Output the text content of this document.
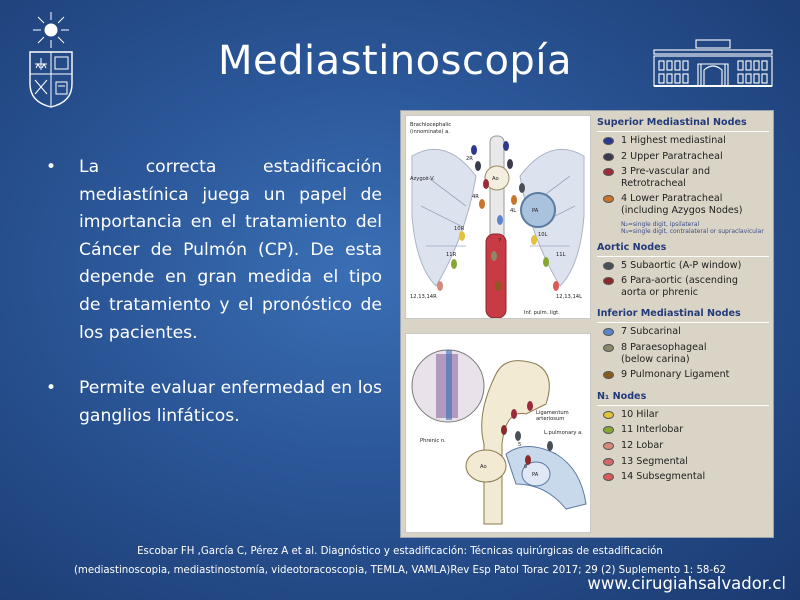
Mediastinoscopía
• La correcta estadificación mediastínica juega un papel de importancia en el tratamiento del Cáncer de Pulmón (CP). De esta depende en gran medida el tipo de tratamiento y el pronóstico de los pacientes.
• Permite evaluar enfermedad en los ganglios linfáticos.
Brachiocephalic
(innominate) a.
Azygos V.	Ao
PA
Inf. pulm. ligt.
2R
4R
4L
10R
11R
10L
11L
12,13,14R	12,13,14L
7
Ligamentum
arteriosum
L.pulmonary a.
Phrenic n.
Ao
PA
5
6
Superior Mediastinal Nodes
1 Highest mediastinal
2 Upper Paratracheal
3 Pre-vascular and Retrotracheal
4 Lower Paratracheal
(including Azygos Nodes)
N₂=single digit, ipsilateral
N₃=single digit, contralateral or supraclavicular
Aortic Nodes
5 Subaortic (A-P window)
6 Para-aortic (ascending
aorta or phrenic
Inferior Mediastinal Nodes
7 Subcarinal
8 Paraesophageal
(below carina)
9 Pulmonary Ligament
N₁ Nodes
10 Hilar
11 Interlobar
12 Lobar
13 Segmental
14 Subsegmental
Escobar FH ,García C, Pérez A et al. Diagnóstico y estadificación: Técnicas quirúrgicas de estadificación
(mediastinoscopia, mediastinostomía, videotoracoscopia, TEMLA, VAMLA)Rev Esp Patol Torac 2017; 29 (2) Suplemento 1: 58-62
www.cirugiahsalvador.cl
